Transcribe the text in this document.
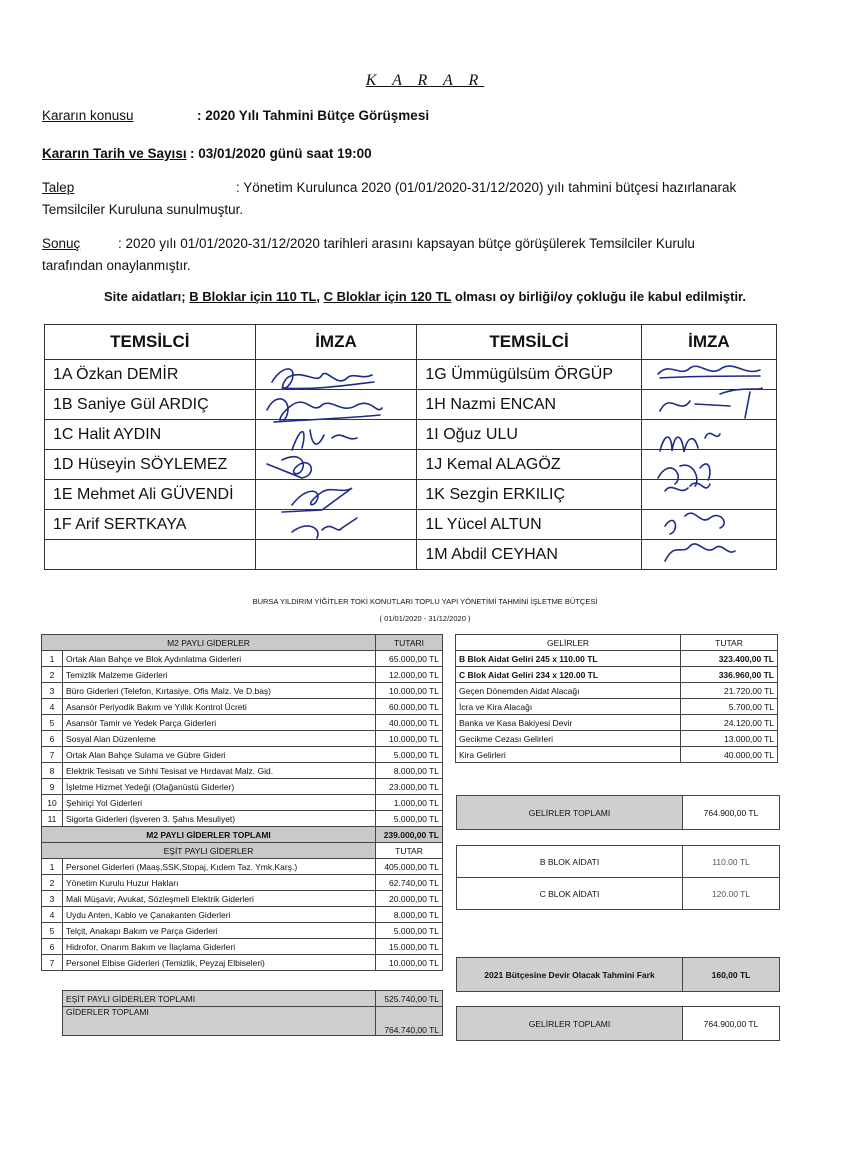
K A R A R
Kararın konusu	: 2020 Yılı Tahmini Bütçe Görüşmesi
Kararın Tarih ve Sayısı : 03/01/2020 günü saat 19:00
Talep	: Yönetim Kurulunca 2020 (01/01/2020-31/12/2020) yılı tahmini bütçesi hazırlanarak
Temsilciler Kuruluna sunulmuştur.
Sonuç	: 2020 yılı 01/01/2020-31/12/2020 tarihleri arasını kapsayan bütçe görüşülerek Temsilciler Kurulu
tarafından onaylanmıştır.
Site aidatları; B Bloklar için 110 TL, C Bloklar için 120 TL olması oy birliği/oy çokluğu ile kabul edilmiştir.
TEMSİLCİ	İMZA	TEMSİLCİ	İMZA
1A Özkan DEMİR		1G Ümmügülsüm ÖRGÜP	
1B Saniye Gül ARDIÇ		1H Nazmi ENCAN	
1C Halit AYDIN		1I Oğuz ULU	
1D Hüseyin SÖYLEMEZ		1J Kemal ALAGÖZ	
1E Mehmet Ali GÜVENDİ		1K Sezgin ERKILIÇ	
1F Arif SERTKAYA		1L Yücel ALTUN	
		1M Abdil CEYHAN	
BURSA YILDIRIM YİĞİTLER TOKİ KONUTLARI TOPLU YAPI YÖNETİMİ TAHMİNİ İŞLETME BÜTÇESİ
( 01/01/2020 - 31/12/2020 )
M2 PAYLI GİDERLER		TUTARI
1	Ortak Alan Bahçe ve Blok Aydınlatma Giderleri	65.000,00 TL
2	Temizlik Malzeme Giderleri	12.000,00 TL
3	Büro Giderleri (Telefon, Kırtasiye, Ofis Malz. Ve D.baş)	10.000,00 TL
4	Asansör Periyodik Bakım ve Yıllık Kontrol Ücreti	60.000,00 TL
5	Asansör Tamir ve Yedek Parça Giderleri	40.000,00 TL
6	Sosyal Alan Düzenleme	10.000,00 TL
7	Ortak Alan Bahçe Sulama ve Gübre Gideri	5.000,00 TL
8	Elektrik Tesisatı ve Sıhhi Tesisat ve Hırdavat Malz. Gid.	8.000,00 TL
9	İşletme Hizmet Yedeği (Olağanüstü Giderler)	23.000,00 TL
10	Şehiriçi Yol Giderleri	1.000,00 TL
11	Sigorta Giderleri (İşveren 3. Şahıs Mesuliyet)	5.000,00 TL
M2 PAYLI GİDERLER TOPLAMI		239.000,00 TL
EŞİT PAYLI GİDERLER		TUTAR
1	Personel Giderleri (Maaş,SSK,Stopaj, Kıdem Taz. Ymk.Karş.)	405.000,00 TL
2	Yönetim Kurulu Huzur Hakları	62.740,00 TL
3	Mali Müşavir, Avukat, Sözleşmeli Elektrik Giderleri	20.000,00 TL
4	Uydu Anten, Kablo ve Çanakanten Giderleri	8.000,00 TL
5	Telçit, Anakapı Bakım ve Parça Giderleri	5.000,00 TL
6	Hidrofor, Onarım Bakım ve İlaçlama Giderleri	15.000,00 TL
7	Personel Elbise Giderleri (Temizlik, Peyzaj Elbiseleri)	10.000,00 TL
EŞİT PAYLI GİDERLER TOPLAMI	525.740,00 TL
GİDERLER TOPLAMI	764.740,00 TL
GELİRLER	TUTAR
B Blok Aidat Geliri 245 x 110.00 TL	323.400,00 TL
C Blok Aidat Geliri 234 x 120.00 TL	336.960,00 TL
Geçen Dönemden Aidat Alacağı	21.720,00 TL
İcra ve Kira Alacağı	5.700,00 TL
Banka ve Kasa Bakiyesi Devir	24.120,00 TL
Gecikme Cezası Gelirleri	13.000,00 TL
Kira Gelirleri	40.000,00 TL
GELİRLER TOPLAMI	764.900,00 TL
B BLOK AİDATI	110.00 TL
C BLOK AİDATI	120.00 TL
2021 Bütçesine Devir Olacak Tahmini Fark	160,00 TL
GELİRLER TOPLAMI	764.900,00 TL
